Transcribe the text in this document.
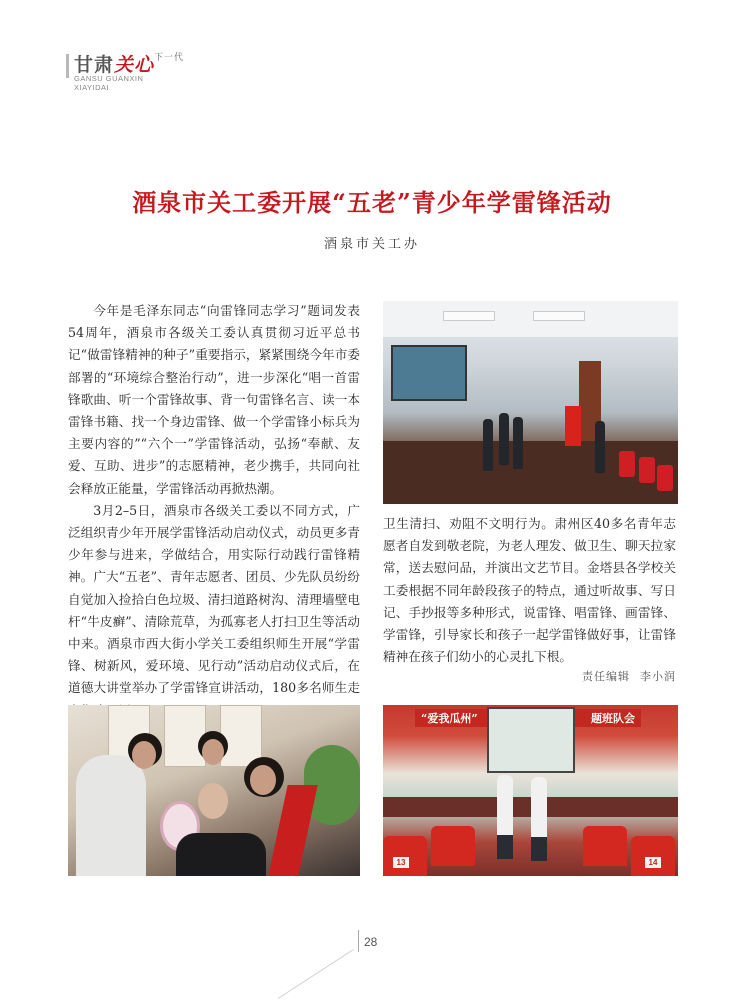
甘肃关心$^{下一代}$
GANSU GUANXIN
XIAYIDAI
酒泉市关工委开展“五老”青少年学雷锋活动
酒泉市关工办

今年是毛泽东同志“向雷锋同志学习”题词发表54周年，酒泉市各级关工委认真贯彻习近平总书记“做雷锋精神的种子”重要指示，紧紧围绕今年市委部署的“环境综合整治行动”，进一步深化“唱一首雷锋歌曲、听一个雷锋故事、背一句雷锋名言、读一本雷锋书籍、找一个身边雷锋、做一个学雷锋小标兵为主要内容的”“六个一”学雷锋活动，弘扬“奉献、友爱、互助、进步”的志愿精神，老少携手，共同向社会释放正能量，学雷锋活动再掀热潮。

3月2–5日，酒泉市各级关工委以不同方式，广泛组织青少年开展学雷锋活动启动仪式，动员更多青少年参与进来，学做结合，用实际行动践行雷锋精神。广大“五老”、青年志愿者、团员、少先队员纷纷自觉加入捡拾白色垃圾、清扫道路树沟、清理墙壁电杆“牛皮癣”、清除荒草，为孤寡老人打扫卫生等活动中来。酒泉市西大街小学关工委组织师生开展“学雷锋、树新风，爱环境、见行动”活动启动仪式后，在道德大讲堂举办了学雷锋宣讲活动，180多名师生走

卫生清扫、劝阻不文明行为。肃州区40多名青年志愿者自发到敬老院，为老人理发、做卫生、聊天拉家常，送去慰问品，并演出文艺节目。金塔县各学校关工委根据不同年龄段孩子的特点，通过听故事、写日记、手抄报等多种形式，说雷锋、唱雷锋、画雷锋、学雷锋，引导家长和孩子一起学雷锋做好事，让雷锋精神在孩子们幼小的心灵扎下根。

责任编辑 李小润
“爱我瓜州”	题班队会
13	14
28
